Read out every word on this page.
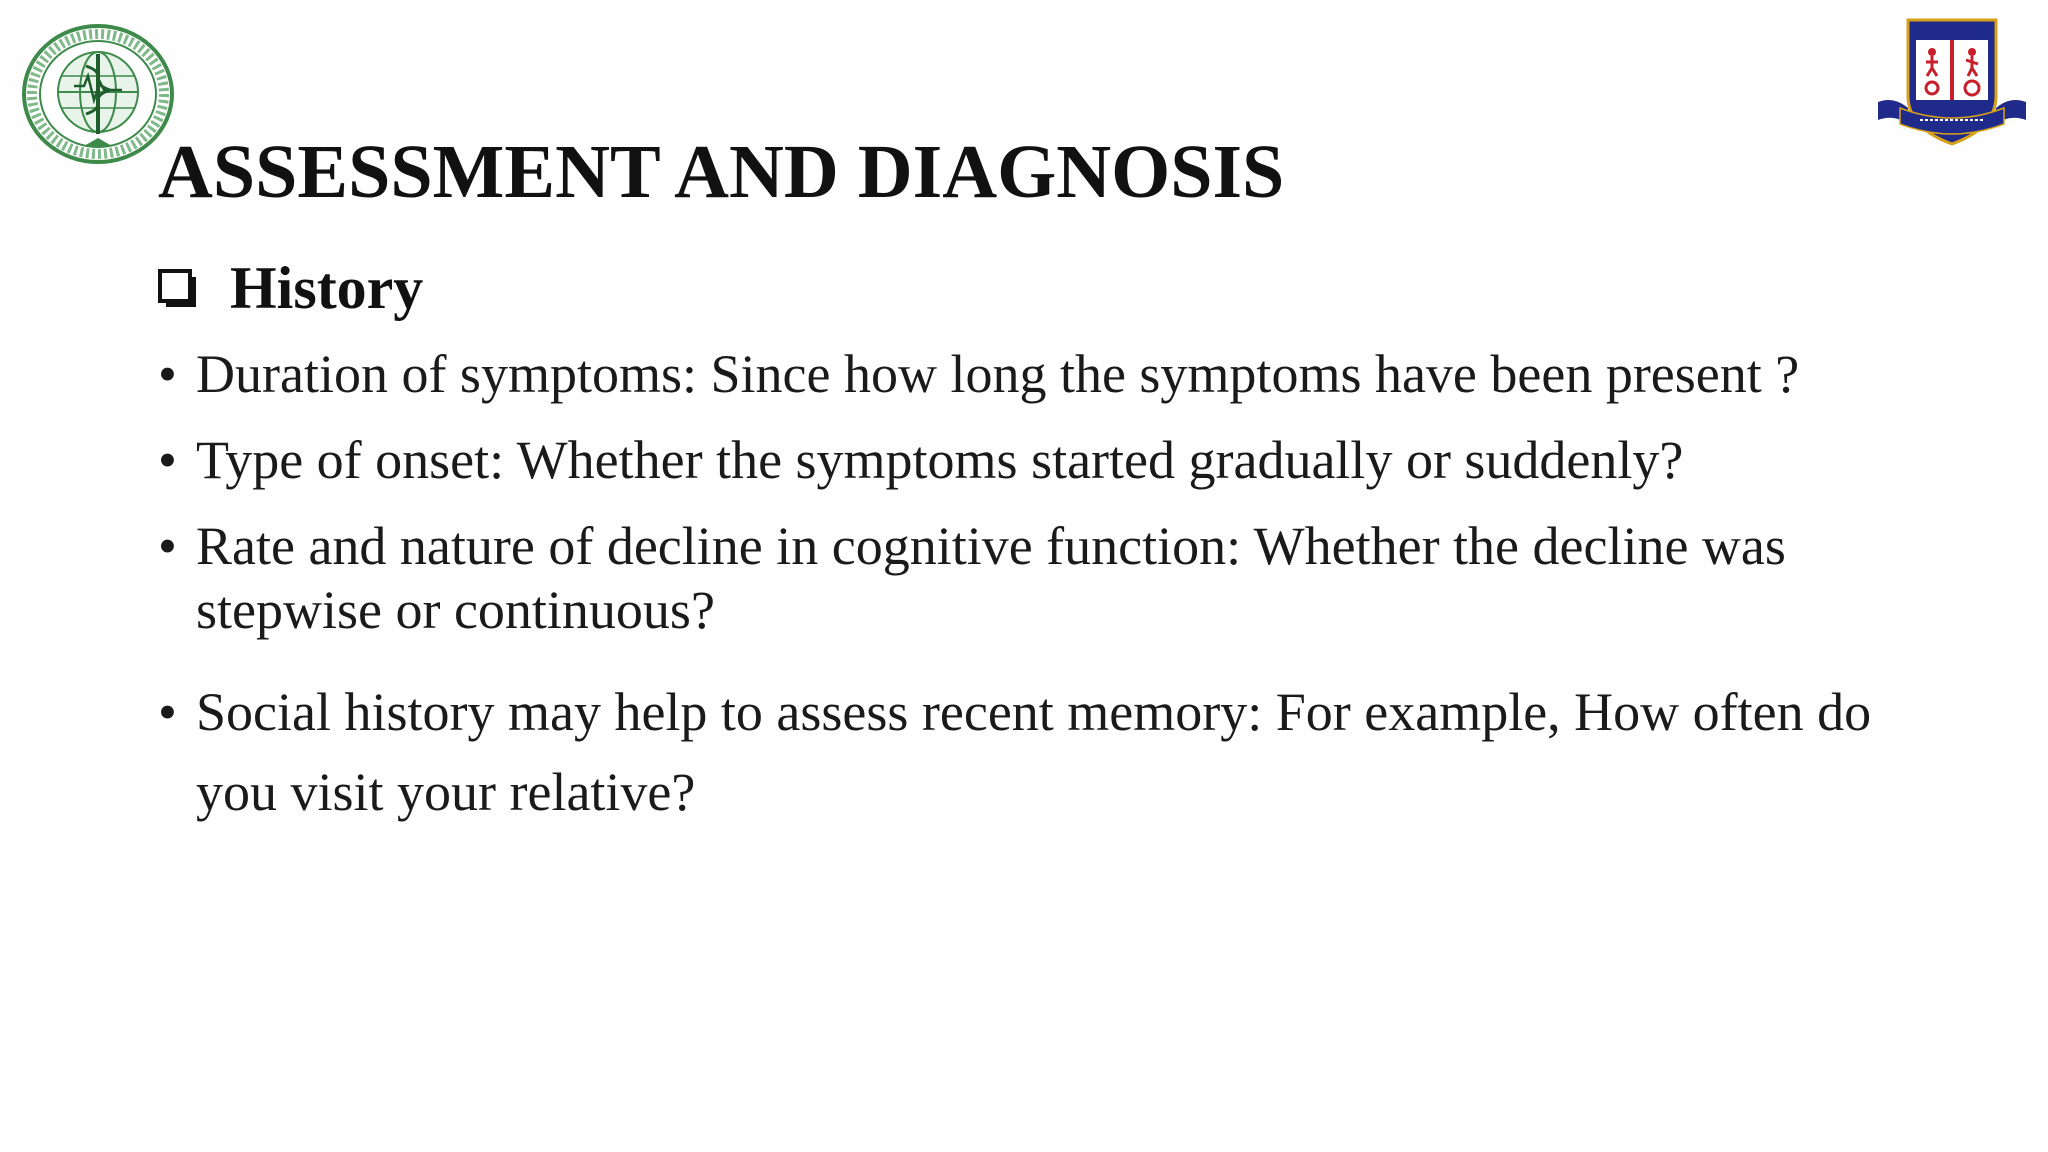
ASSESSMENT AND DIAGNOSIS
History
• Duration of symptoms: Since how long the symptoms have been present ?
• Type of onset: Whether the symptoms started gradually or suddenly?
• Rate and nature of decline in cognitive function: Whether the decline was stepwise or continuous?
• Social history may help to assess recent memory: For example, How often do you visit your relative?
